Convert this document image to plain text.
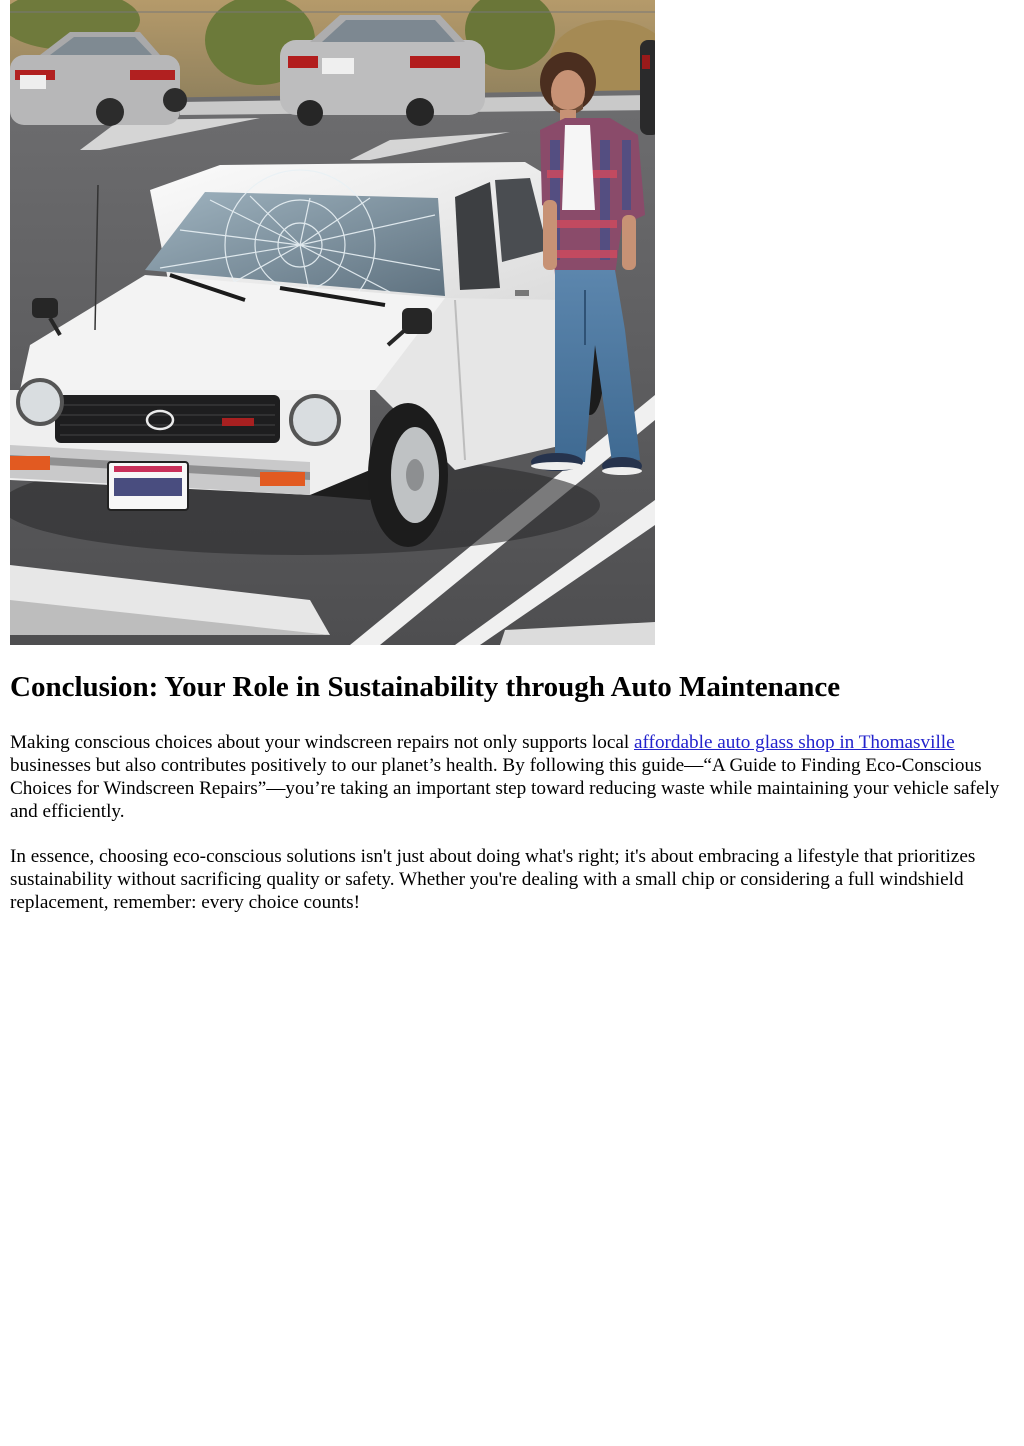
Conclusion: Your Role in Sustainability through Auto Maintenance

Making conscious choices about your windscreen repairs not only supports local affordable auto glass shop in Thomasville businesses but also contributes positively to our planet’s health. By following this guide—“A Guide to Finding Eco-Conscious Choices for Windscreen Repairs”—you’re taking an important step toward reducing waste while maintaining your vehicle safely and efficiently.

In essence, choosing eco-conscious solutions isn't just about doing what's right; it's about embracing a lifestyle that prioritizes sustainability without sacrificing quality or safety. Whether you're dealing with a small chip or considering a full windshield replacement, remember: every choice counts!
